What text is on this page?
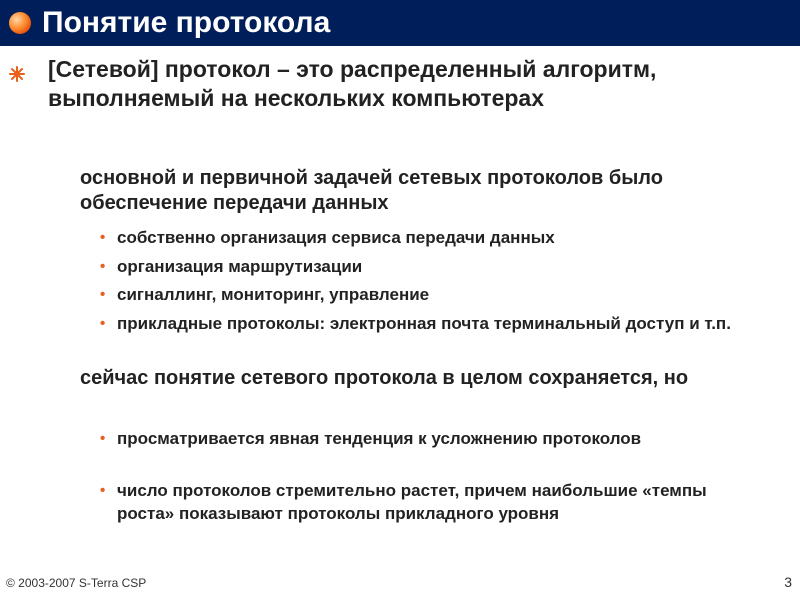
Понятие протокола
[Сетевой] протокол – это распределенный алгоритм, выполняемый на нескольких компьютерах
основной и первичной задачей сетевых протоколов было обеспечение передачи данных
• собственно организация сервиса передачи данных
• организация маршрутизации
• сигналлинг, мониторинг, управление
• прикладные протоколы: электронная почта терминальный доступ и т.п.
сейчас понятие сетевого протокола в целом сохраняется, но
• просматривается явная тенденция к усложнению протоколов
• число протоколов стремительно растет, причем наибольшие «темпы роста» показывают протоколы прикладного уровня
© 2003-2007 S-Terra CSP	3
